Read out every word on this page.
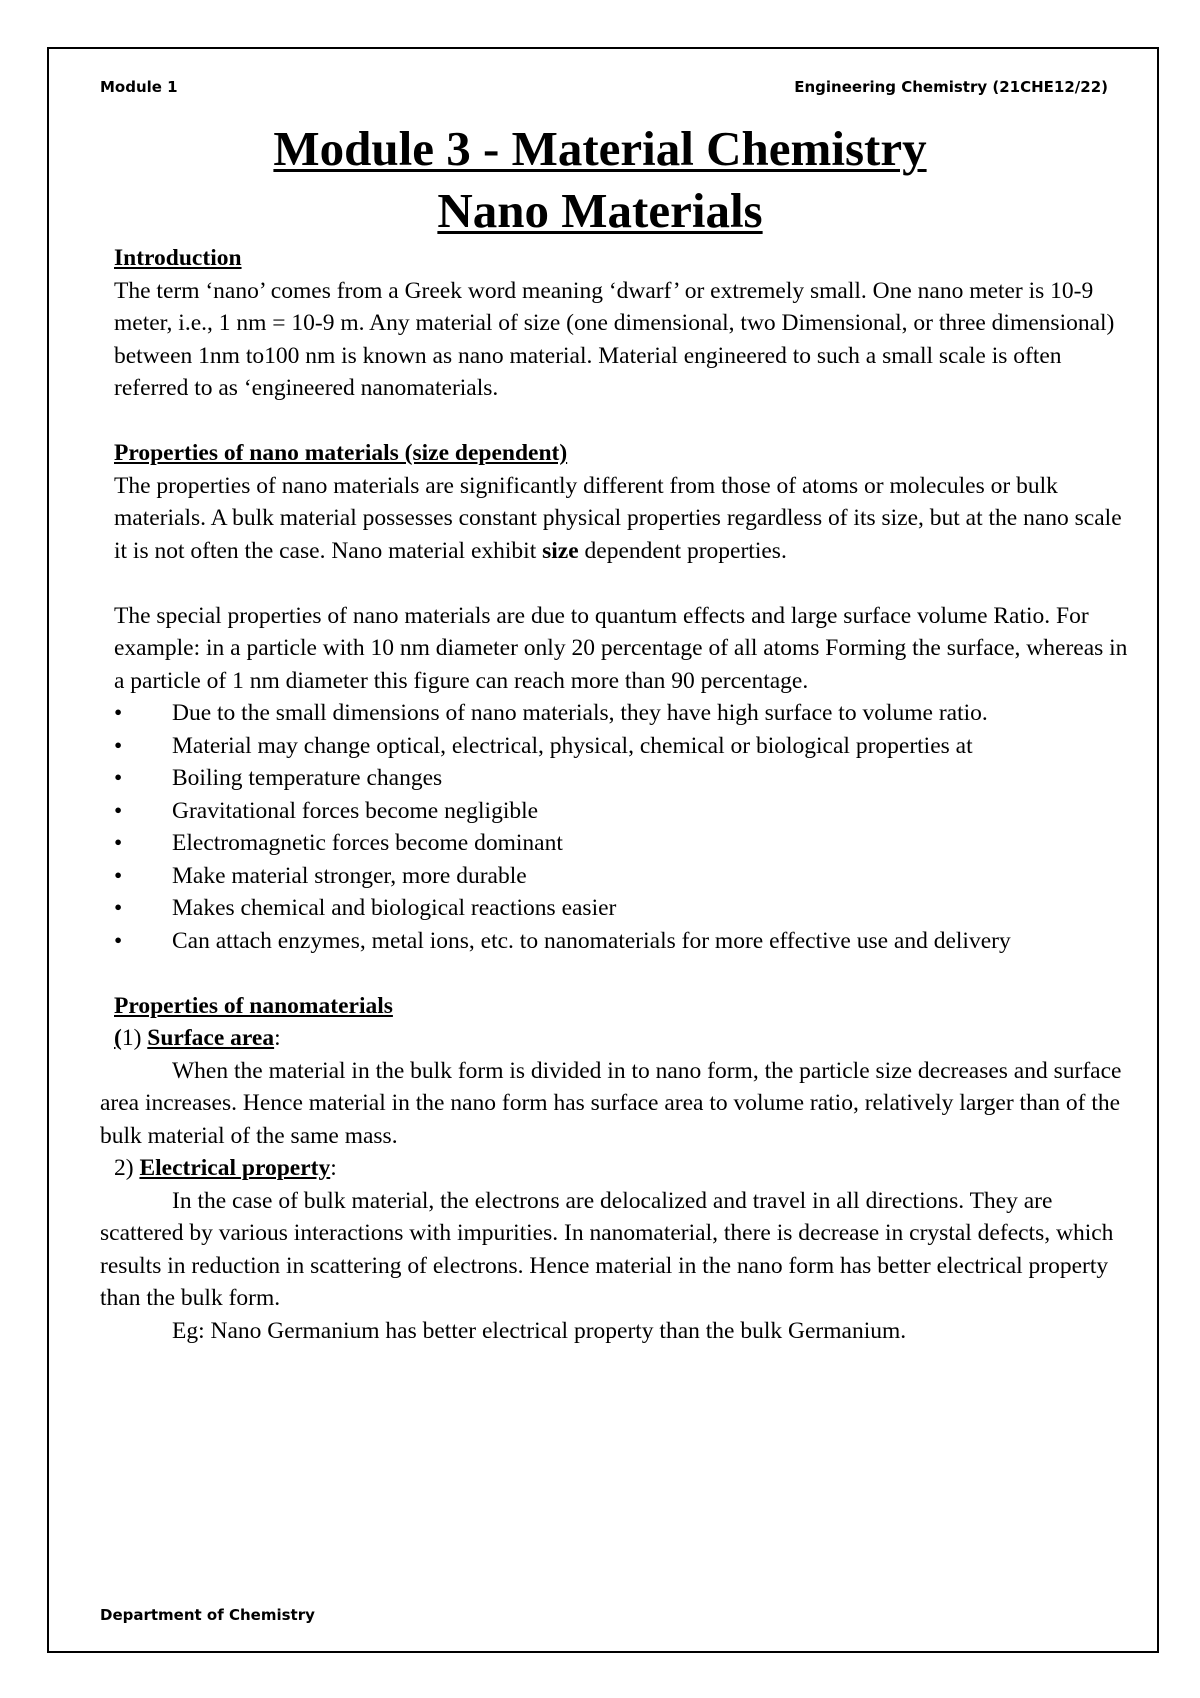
Module 1	Engineering Chemistry (21CHE12/22)
Module 3 - Material Chemistry
Nano Materials

Introduction

The term ‘nano’ comes from a Greek word meaning ‘dwarf’ or extremely small. One nano meter is 10-9 meter, i.e., 1 nm = 10-9 m. Any material of size (one dimensional, two Dimensional, or three dimensional) between 1nm to100 nm is known as nano material. Material engineered to such a small scale is often referred to as ‘engineered nanomaterials.

Properties of nano materials (size dependent)

The properties of nano materials are significantly different from those of atoms or molecules or bulk materials. A bulk material possesses constant physical properties regardless of its size, but at the nano scale it is not often the case. Nano material exhibit size dependent properties.

The special properties of nano materials are due to quantum effects and large surface volume Ratio. For example: in a particle with 10 nm diameter only 20 percentage of all atoms Forming the surface, whereas in a particle of 1 nm diameter this figure can reach more than 90 percentage.

• Due to the small dimensions of nano materials, they have high surface to volume ratio.

• Material may change optical, electrical, physical, chemical or biological properties at

• Boiling temperature changes

• Gravitational forces become negligible

• Electromagnetic forces become dominant

• Make material stronger, more durable

• Makes chemical and biological reactions easier

• Can attach enzymes, metal ions, etc. to nanomaterials for more effective use and delivery

Properties of nanomaterials

(1) Surface area:

When the material in the bulk form is divided in to nano form, the particle size decreases and surface area increases. Hence material in the nano form has surface area to volume ratio, relatively larger than of the bulk material of the same mass.

2) Electrical property:

In the case of bulk material, the electrons are delocalized and travel in all directions. They are scattered by various interactions with impurities. In nanomaterial, there is decrease in crystal defects, which results in reduction in scattering of electrons. Hence material in the nano form has better electrical property than the bulk form.

Eg: Nano Germanium has better electrical property than the bulk Germanium.

Department of Chemistry
